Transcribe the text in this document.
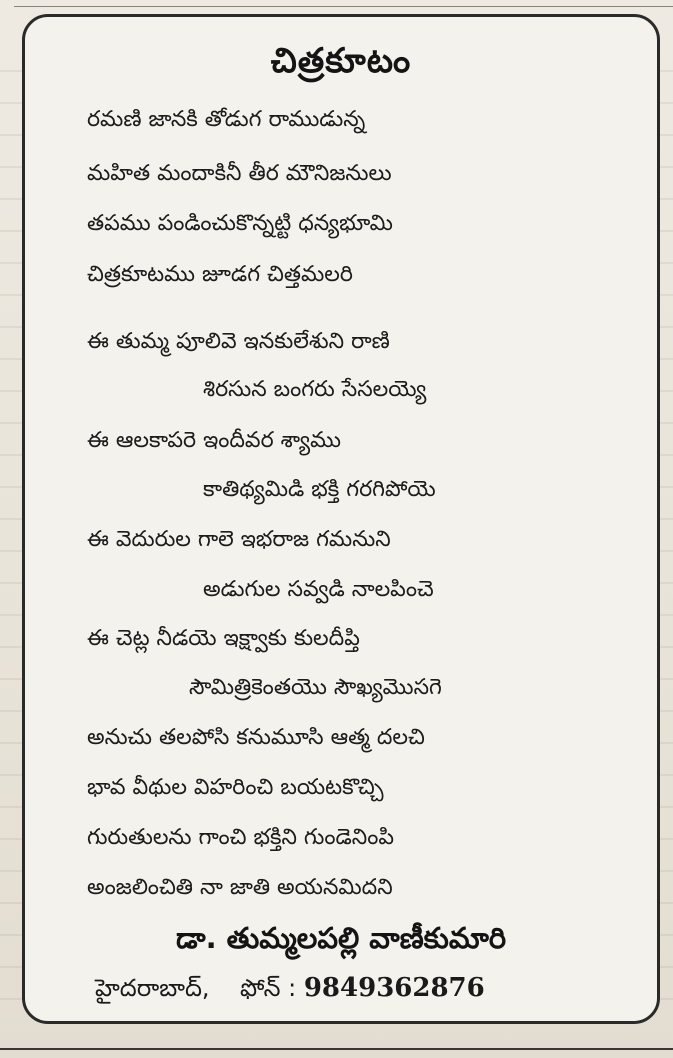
చిత్రకూటం
రమణి జానకి తోడుగ రాముడున్న
మహిత మందాకినీ తీర మౌనిజనులు
తపము పండించుకొన్నట్టి ధన్యభూమి
చిత్రకూటము జూడగ చిత్తమలరి
ఈ తుమ్మ పూలివె ఇనకులేశుని రాణి
శిరసున బంగరు సేసలయ్యె
ఈ ఆలకాపరె ఇందీవర శ్యాము
కాతిథ్యమిడి భక్తి గరగిపోయె
ఈ వెదురుల గాలె ఇభరాజ గమనుని
అడుగుల సవ్వడి నాలపించె
ఈ చెట్ల నీడయె ఇక్ష్వాకు కులదీప్తి
సౌమిత్రికెంతయొ సౌఖ్యమొసగె
అనుచు తలపోసి కనుమూసి ఆత్మ దలచి
భావ వీథుల విహరించి బయటకొచ్చి
గురుతులను గాంచి భక్తిని గుండెనింపి
అంజలించితి నా జాతి అయనమిదని
డా. తుమ్మలపల్లి వాణీకుమారి
హైదరాబాద్, ఫోన్ : 9849362876
